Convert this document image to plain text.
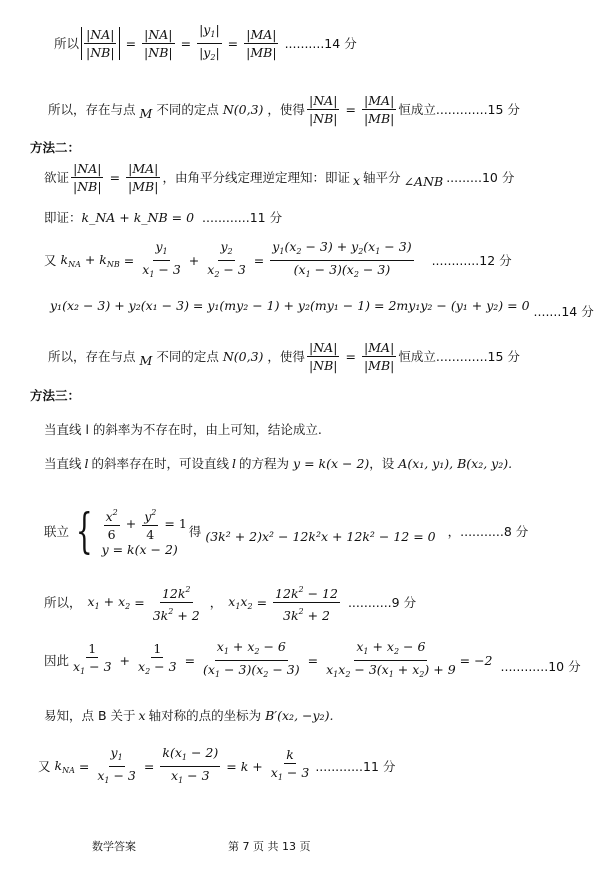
所以 $\frac{|NA|}{|NB|} = \frac{|NA|}{|NB|} = \frac{|y_1|}{|y_2|} = \frac{|MA|}{|MB|} ..........14$ 分
所以，存在与点 M 不同的定点 N(0,3) ，使得 $\frac{|NA|}{|NB|} = \frac{|MA|}{|MB|}$ 恒成立.............15 分
方法二：
欲证 $\frac{|NA|}{|NB|} = \frac{|MA|}{|MB|}$ ，由角平分线定理逆定理知：即证 x 轴平分 ∠ANB .........10 分
即证： k_NA + k_NB = 0 ............11 分
又 $k_{NA} + k_{NB} = \frac{y_1}{x_1 - 3} + \frac{y_2}{x_2 - 3} = \frac{y_1(x_2 - 3) + y_2(x_1 - 3)}{(x_1 - 3)(x_2 - 3)} ............12$ 分
y₁(x₂ − 3) + y₂(x₁ − 3) = y₁(my₂ − 1) + y₂(my₁ − 1) = 2my₁y₂ − (y₁ + y₂) = 0 .......14 分
所以，存在与点 M 不同的定点 N(0,3) ，使得 $\frac{|NA|}{|NB|} = \frac{|MA|}{|MB|}$ 恒成立.............15 分
方法三：
当直线 l 的斜率为不存在时，由上可知，结论成立.
当直线 l 的斜率存在时，可设直线 l 的方程为 y = k(x − 2) ，设 A(x₁, y₁), B(x₂, y₂).
联立 { $\frac{x^2}{6} + \frac{y^2}{4} = 1$
y = k(x − 2)
得 (3k² + 2)x² − 12k²x + 12k² − 12 = 0 ，...........8 分
所以， $x_1 + x_2 = \frac{12k^2}{3k^2 + 2}$ ， $x_1x_2 = \frac{12k^2 - 12}{3k^2 + 2} ...........9$ 分
因此 $\frac{1}{x_1 - 3} + \frac{1}{x_2 - 3} = \frac{x_1 + x_2 - 6}{(x_1 - 3)(x_2 - 3)} = \frac{x_1 + x_2 - 6}{x_1x_2 - 3(x_1 + x_2) + 9} = -2$ ............10 分
易知，点 B 关于 x 轴对称的点的坐标为 B′(x₂, −y₂).
又 $k_{NA} = \frac{y_1}{x_1 - 3} = \frac{k(x_1 - 2)}{x_1 - 3} = k + \frac{k}{x_1 - 3} ............11$ 分
数学答案	第 7 页 共 13 页
